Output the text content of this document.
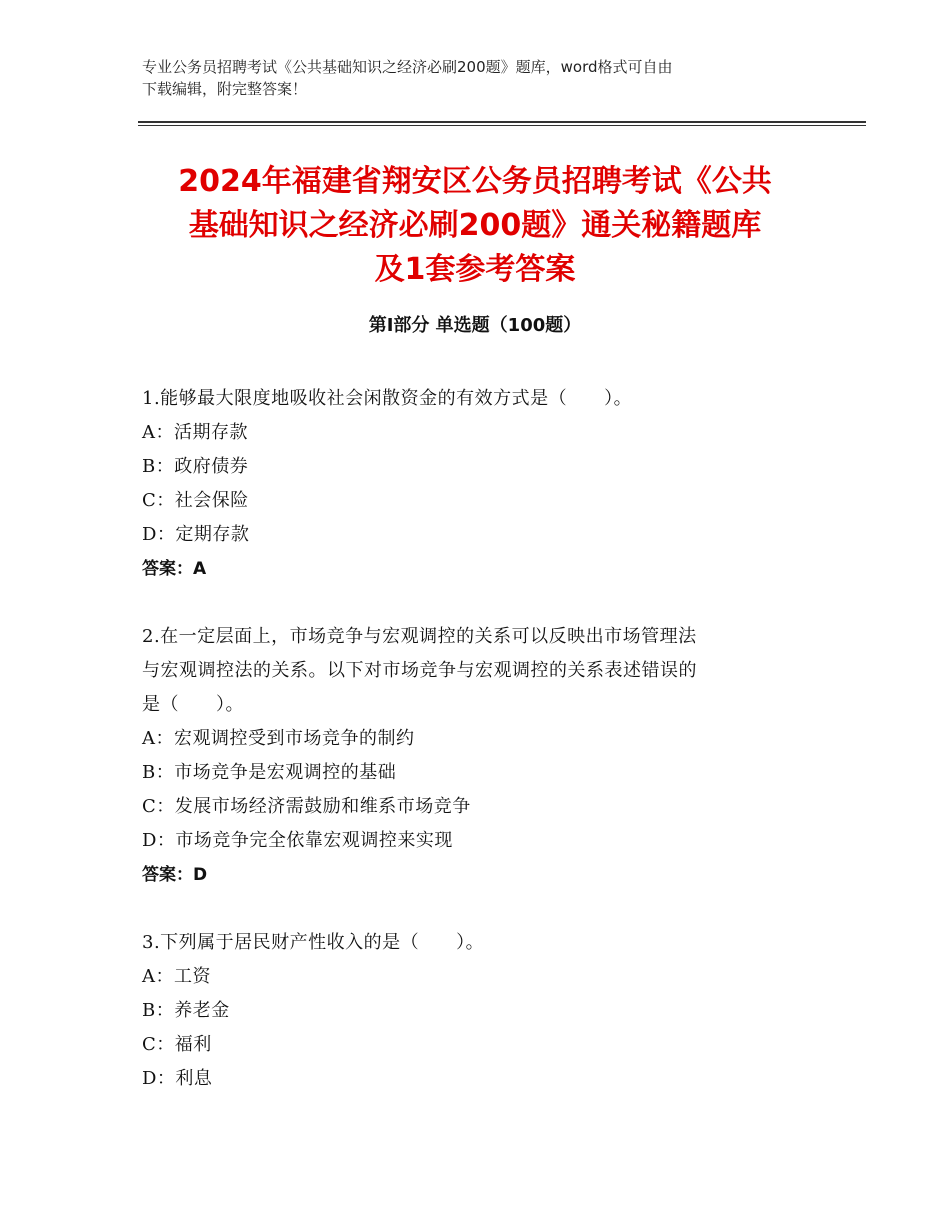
专业公务员招聘考试《公共基础知识之经济必刷200题》题库，word格式可自由
下载编辑，附完整答案！
2024年福建省翔安区公务员招聘考试《公共
基础知识之经济必刷200题》通关秘籍题库
及1套参考答案
第Ⅰ部分 单选题（100题）
1.能够最大限度地吸收社会闲散资金的有效方式是（　　）。
A：活期存款
B：政府债券
C：社会保险
D：定期存款
答案：A
2.在一定层面上，市场竞争与宏观调控的关系可以反映出市场管理法
与宏观调控法的关系。以下对市场竞争与宏观调控的关系表述错误的
是（　　）。
A：宏观调控受到市场竞争的制约
B：市场竞争是宏观调控的基础
C：发展市场经济需鼓励和维系市场竞争
D：市场竞争完全依靠宏观调控来实现
答案：D
3.下列属于居民财产性收入的是（　　）。
A：工资
B：养老金
C：福利
D：利息
